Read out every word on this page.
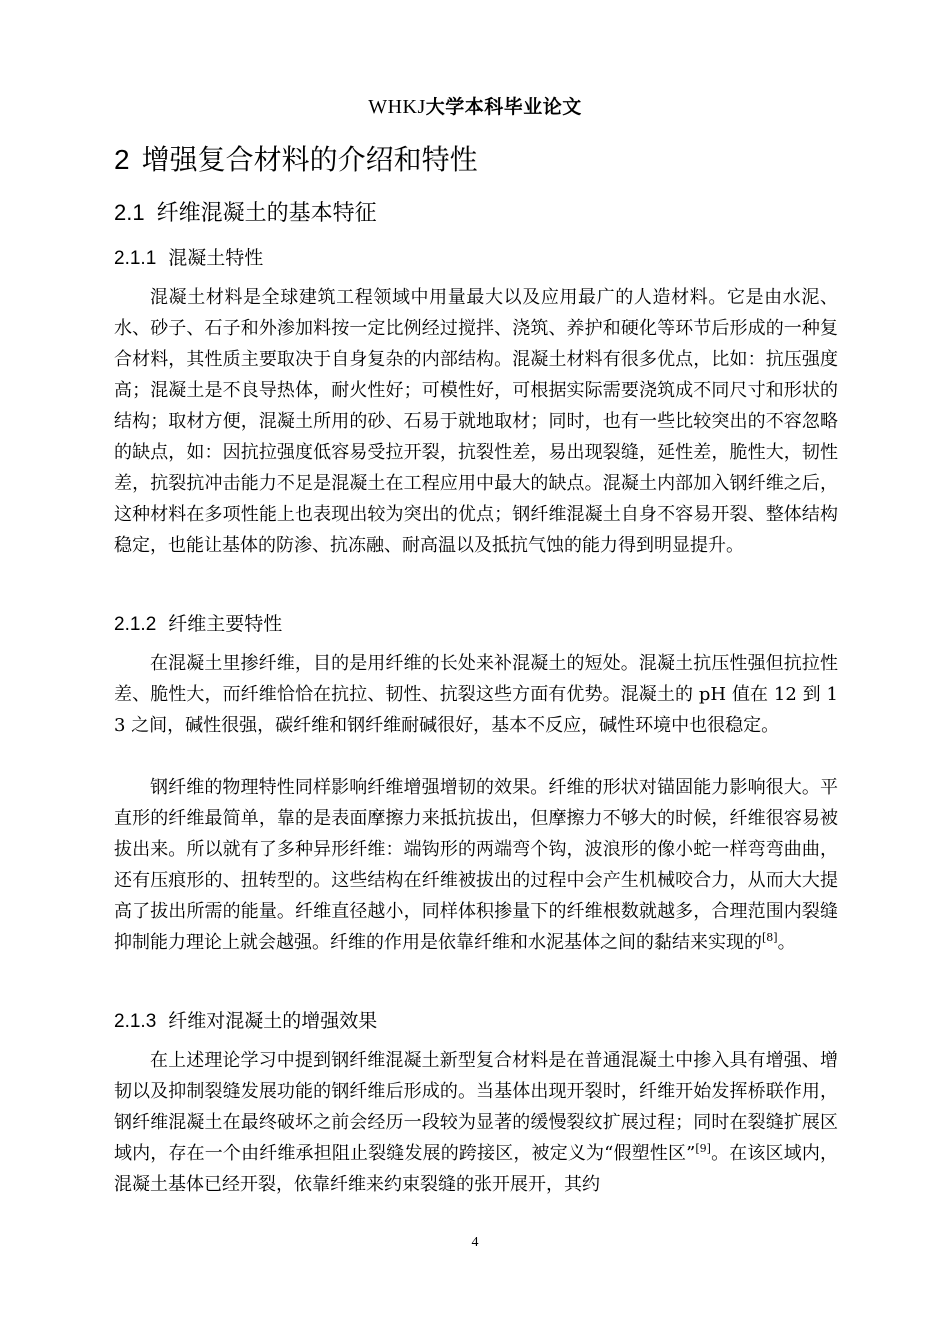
WHKJ大学本科毕业论文
2 增强复合材料的介绍和特性
2.1 纤维混凝土的基本特征
2.1.1 混凝土特性

混凝土材料是全球建筑工程领域中用量最大以及应用最广的人造材料。它是由水泥、水、砂子、石子和外渗加料按一定比例经过搅拌、浇筑、养护和硬化等环节后形成的一种复合材料，其性质主要取决于自身复杂的内部结构。混凝土材料有很多优点，比如：抗压强度高；混凝土是不良导热体，耐火性好；可模性好，可根据实际需要浇筑成不同尺寸和形状的结构；取材方便，混凝土所用的砂、石易于就地取材；同时，也有一些比较突出的不容忽略的缺点，如：因抗拉强度低容易受拉开裂，抗裂性差，易出现裂缝，延性差，脆性大，韧性差，抗裂抗冲击能力不足是混凝土在工程应用中最大的缺点。混凝土内部加入钢纤维之后，这种材料在多项性能上也表现出较为突出的优点；钢纤维混凝土自身不容易开裂、整体结构稳定，也能让基体的防渗、抗冻融、耐高温以及抵抗气蚀的能力得到明显提升。

2.1.2 纤维主要特性

在混凝土里掺纤维，目的是用纤维的长处来补混凝土的短处。混凝土抗压性强但抗拉性差、脆性大，而纤维恰恰在抗拉、韧性、抗裂这些方面有优势。混凝土的 pH 值在 12 到 13 之间，碱性很强，碳纤维和钢纤维耐碱很好，基本不反应，碱性环境中也很稳定。

钢纤维的物理特性同样影响纤维增强增韧的效果。纤维的形状对锚固能力影响很大。平直形的纤维最简单，靠的是表面摩擦力来抵抗拔出，但摩擦力不够大的时候，纤维很容易被拔出来。所以就有了多种异形纤维：端钩形的两端弯个钩，波浪形的像小蛇一样弯弯曲曲，还有压痕形的、扭转型的。这些结构在纤维被拔出的过程中会产生机械咬合力，从而大大提高了拔出所需的能量。纤维直径越小，同样体积掺量下的纤维根数就越多，合理范围内裂缝抑制能力理论上就会越强。纤维的作用是依靠纤维和水泥基体之间的黏结来实现的[8]。

2.1.3 纤维对混凝土的增强效果

在上述理论学习中提到钢纤维混凝土新型复合材料是在普通混凝土中掺入具有增强、增韧以及抑制裂缝发展功能的钢纤维后形成的。当基体出现开裂时，纤维开始发挥桥联作用，钢纤维混凝土在最终破坏之前会经历一段较为显著的缓慢裂纹扩展过程；同时在裂缝扩展区域内，存在一个由纤维承担阻止裂缝发展的跨接区，被定义为“假塑性区”[9]。在该区域内，混凝土基体已经开裂，依靠纤维来约束裂缝的张开展开，其约

4
